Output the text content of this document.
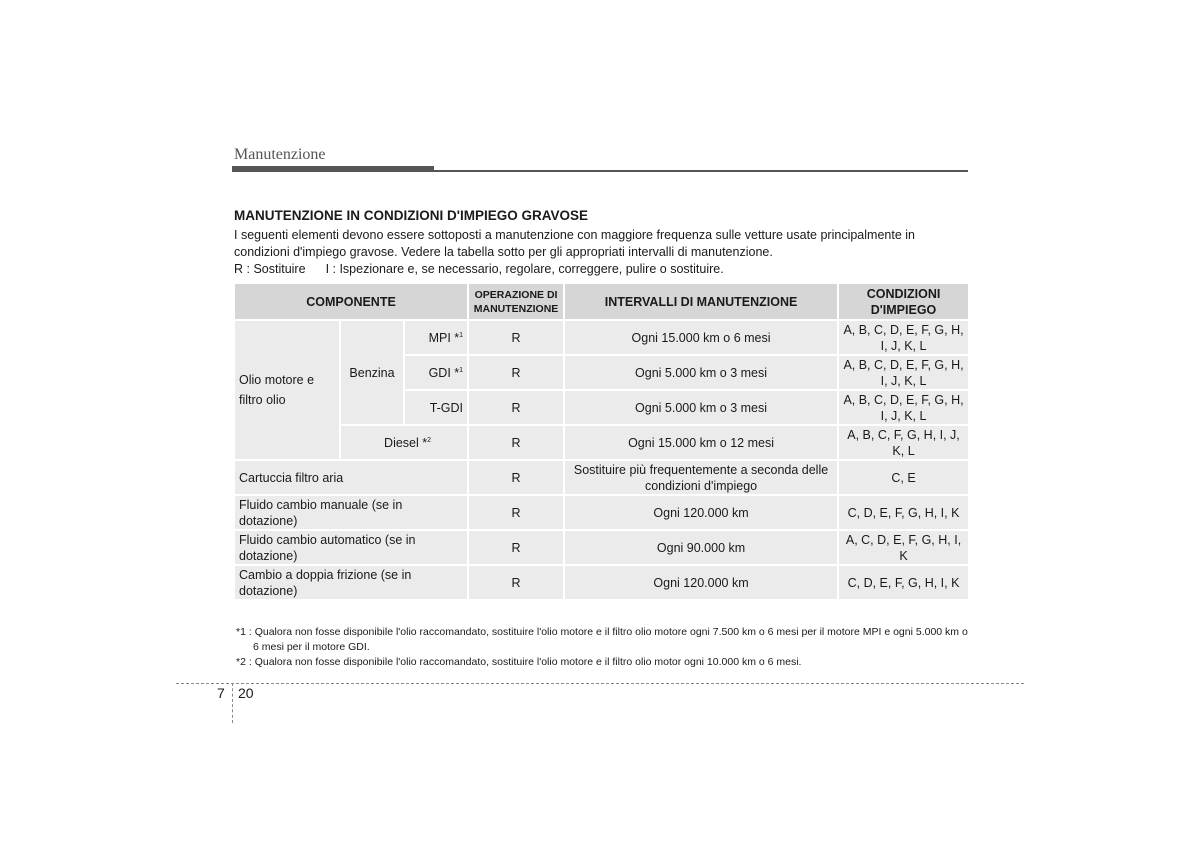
Manutenzione
MANUTENZIONE IN CONDIZIONI D'IMPIEGO GRAVOSE
I seguenti elementi devono essere sottoposti a manutenzione con maggiore frequenza sulle vetture usate principalmente in condizioni d'impiego gravose. Vedere la tabella sotto per gli appropriati intervalli di manutenzione.
R : Sostituire I : Ispezionare e, se necessario, regolare, correggere, pulire o sostituire.
COMPONENTE			OPERAZIONE DI MANUTENZIONE	INTERVALLI DI MANUTENZIONE	CONDIZIONI D'IMPIEGO
Olio motore e filtro olio	Benzina	MPI *$^1$	R	Ogni 15.000 km o 6 mesi	A, B, C, D, E, F, G, H, I, J, K, L
		GDI *$^1$	R	Ogni 5.000 km o 3 mesi	A, B, C, D, E, F, G, H, I, J, K, L
		T-GDI	R	Ogni 5.000 km o 3 mesi	A, B, C, D, E, F, G, H, I, J, K, L
	Diesel *$^2$		R	Ogni 15.000 km o 12 mesi	A, B, C, F, G, H, I, J, K, L
Cartuccia filtro aria			R	Sostituire più frequentemente a seconda delle condizioni d'impiego	C, E
Fluido cambio manuale (se in dotazione)			R	Ogni 120.000 km	C, D, E, F, G, H, I, K
Fluido cambio automatico (se in dotazione)			R	Ogni 90.000 km	A, C, D, E, F, G, H, I, K
Cambio a doppia frizione (se in dotazione)			R	Ogni 120.000 km	C, D, E, F, G, H, I, K
*1 : Qualora non fosse disponibile l'olio raccomandato, sostituire l'olio motore e il filtro olio motore ogni 7.500 km o 6 mesi per il motore MPI e ogni 5.000 km o 6 mesi per il motore GDI.
*2 : Qualora non fosse disponibile l'olio raccomandato, sostituire l'olio motore e il filtro olio motor ogni 10.000 km o 6 mesi.
7 20
